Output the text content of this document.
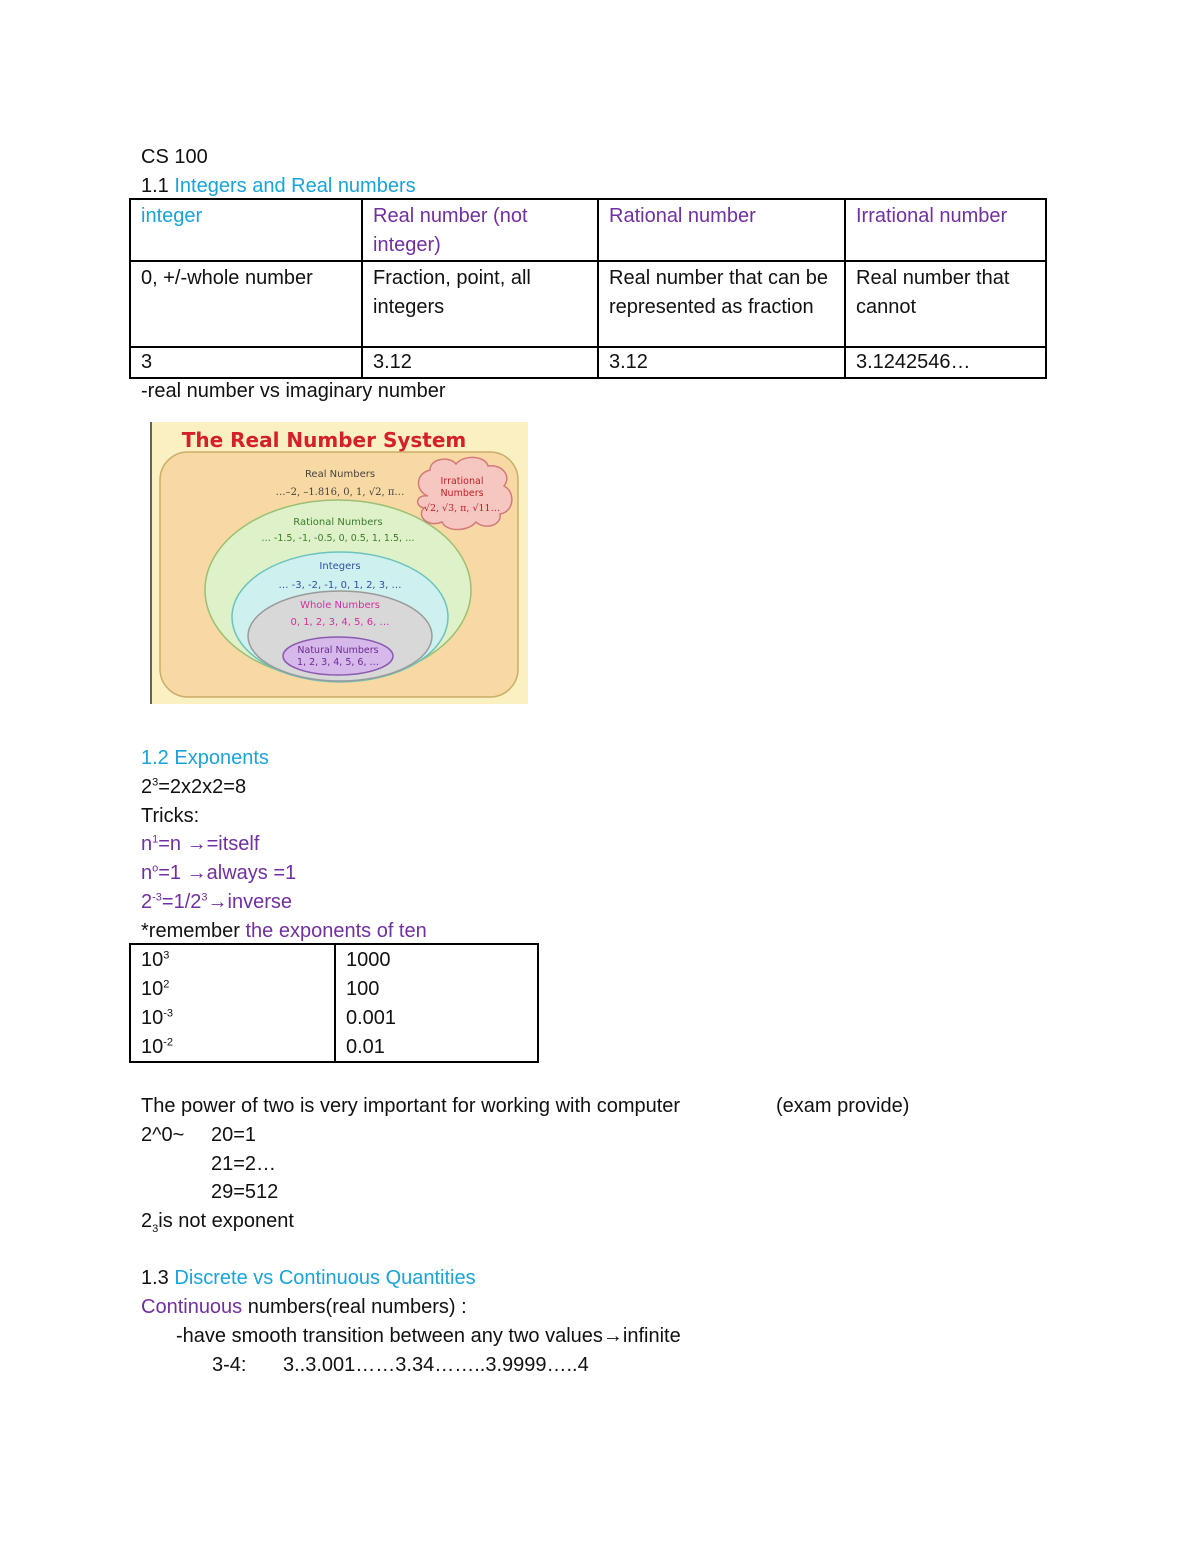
CS 100
1.1 Integers and Real numbers
integer	Real number (not integer)	Rational number	Irrational number
0, +/-whole number	Fraction, point, all integers	Real number that can be represented as fraction	Real number that cannot
3	3.12	3.12	3.1242546…
-real number vs imaginary number
The Real Number System
Real Numbers
…–2, –1.816, 0, 1, √2, π…
Rational Numbers
… -1.5, -1, -0.5, 0, 0.5, 1, 1.5, …
Integers
… -3, -2, -1, 0, 1, 2, 3, …
Whole Numbers
0, 1, 2, 3, 4, 5, 6, …
Natural Numbers
1, 2, 3, 4, 5, 6, …
Irrational
Numbers
√2, √3, π, √11…
1.2 Exponents
$2^3=2x2x2=8$
Tricks:
$n^1=n$ →=itself
$n^o=1$ →always =1
$2^{-3}=1/2^3\to inverse$
*remember the exponents of ten
$10^3$	1000
$10^2$	100
$10^{-3}$	0.001
$10^{-2}$	0.01
The power of two is very important for working with computer	(exam provide)
2^0~ 20=1
21=2…
29=512
$2_3is$ not exponent
1.3 Discrete vs Continuous Quantities
Continuous numbers(real numbers) :
-have smooth transition between any two values→infinite
3-4: 3..3.001……3.34……..3.9999…..4
